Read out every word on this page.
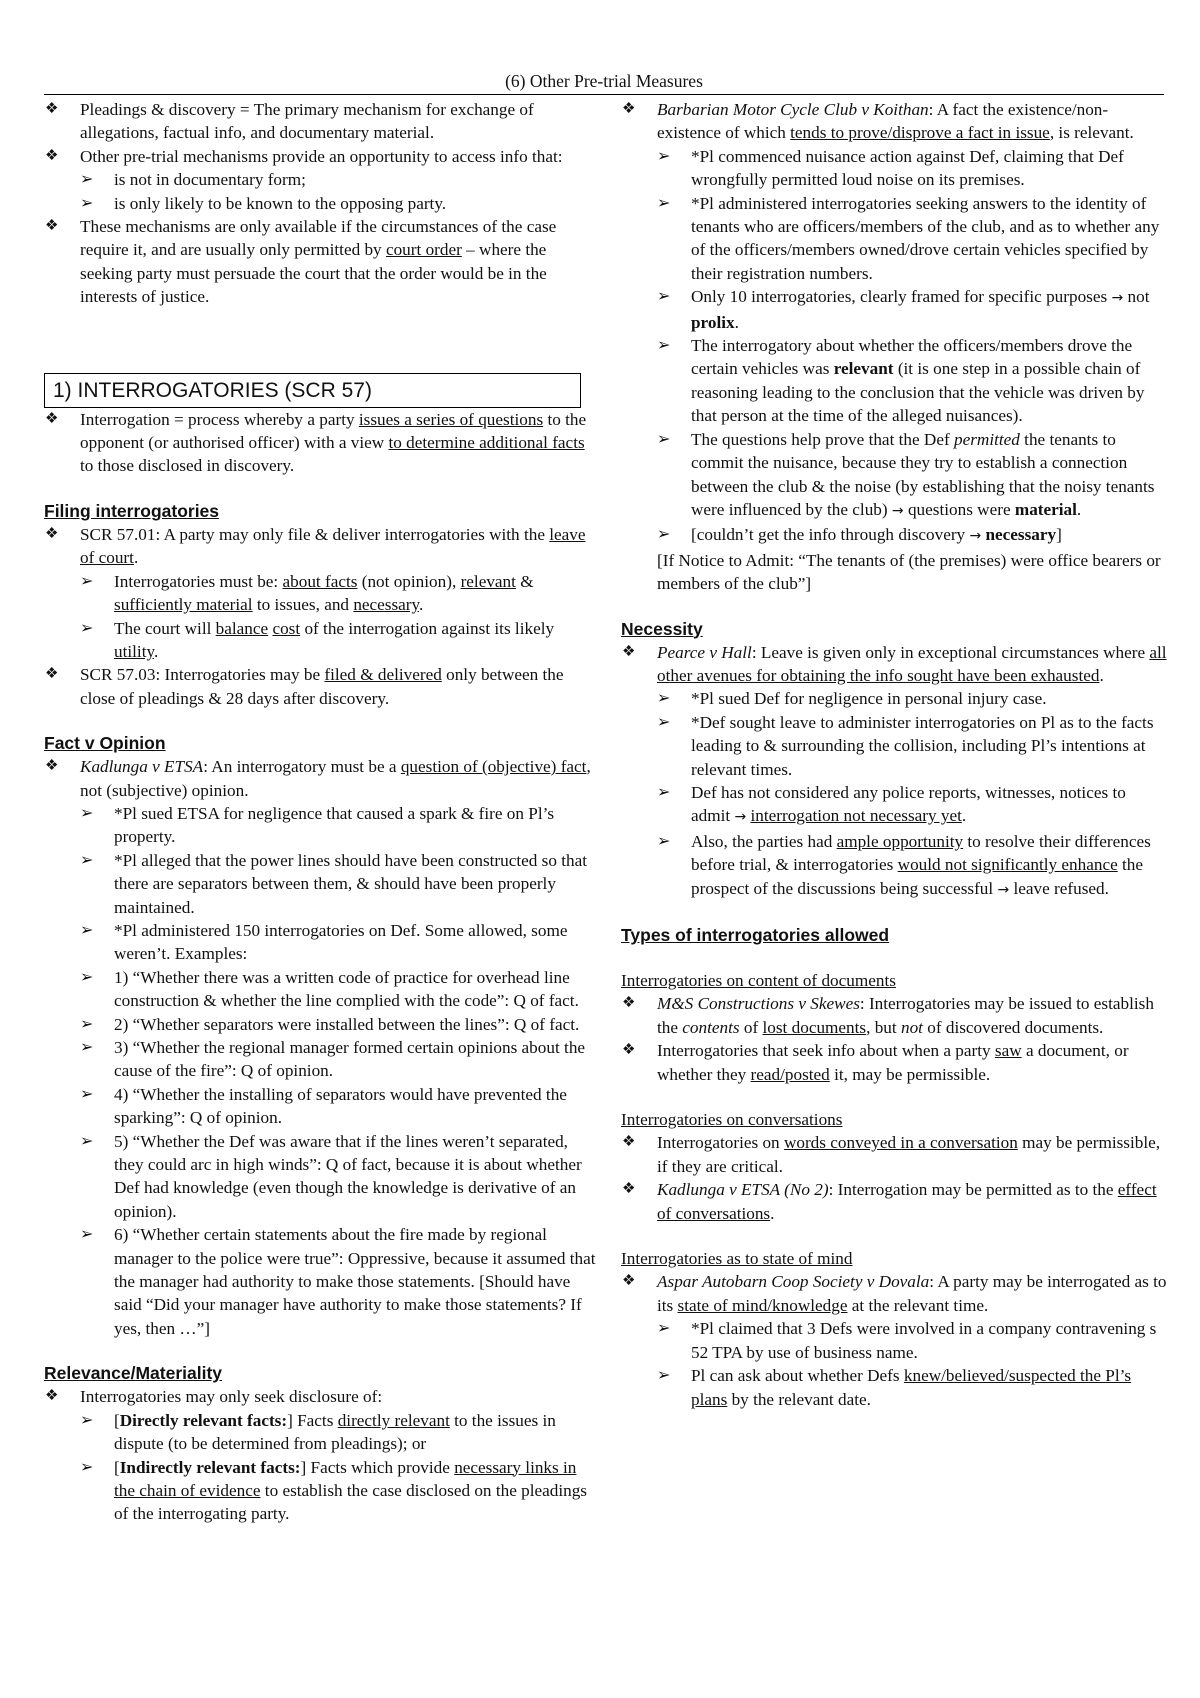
(6) Other Pre-trial Measures
❖ Pleadings & discovery = The primary mechanism for exchange of allegations, factual info, and documentary material.
❖ Other pre-trial mechanisms provide an opportunity to access info that:
➢ is not in documentary form;
➢ is only likely to be known to the opposing party.
❖ These mechanisms are only available if the circumstances of the case require it, and are usually only permitted by court order – where the seeking party must persuade the court that the order would be in the interests of justice.
1) INTERROGATORIES (SCR 57)
❖ Interrogation = process whereby a party issues a series of questions to the opponent (or authorised officer) with a view to determine additional facts to those disclosed in discovery.
Filing interrogatories
❖ SCR 57.01: A party may only file & deliver interrogatories with the leave of court.
➢ Interrogatories must be: about facts (not opinion), relevant & sufficiently material to issues, and necessary.
➢ The court will balance cost of the interrogation against its likely utility.
❖ SCR 57.03: Interrogatories may be filed & delivered only between the close of pleadings & 28 days after discovery.
Fact v Opinion
❖ Kadlunga v ETSA: An interrogatory must be a question of (objective) fact, not (subjective) opinion.
➢ *Pl sued ETSA for negligence that caused a spark & fire on Pl’s property.
➢ *Pl alleged that the power lines should have been constructed so that there are separators between them, & should have been properly maintained.
➢ *Pl administered 150 interrogatories on Def. Some allowed, some weren’t. Examples:
➢ 1) “Whether there was a written code of practice for overhead line construction & whether the line complied with the code”: Q of fact.
➢ 2) “Whether separators were installed between the lines”: Q of fact.
➢ 3) “Whether the regional manager formed certain opinions about the cause of the fire”: Q of opinion.
➢ 4) “Whether the installing of separators would have prevented the sparking”: Q of opinion.
➢ 5) “Whether the Def was aware that if the lines weren’t separated, they could arc in high winds”: Q of fact, because it is about whether Def had knowledge (even though the knowledge is derivative of an opinion).
➢ 6) “Whether certain statements about the fire made by regional manager to the police were true”: Oppressive, because it assumed that the manager had authority to make those statements. [Should have said “Did your manager have authority to make those statements? If yes, then …”]
Relevance/Materiality
❖ Interrogatories may only seek disclosure of:
➢ [Directly relevant facts:] Facts directly relevant to the issues in dispute (to be determined from pleadings); or
➢ [Indirectly relevant facts:] Facts which provide necessary links in the chain of evidence to establish the case disclosed on the pleadings of the interrogating party.
❖ Barbarian Motor Cycle Club v Koithan: A fact the existence/non-existence of which tends to prove/disprove a fact in issue, is relevant.
➢ *Pl commenced nuisance action against Def, claiming that Def wrongfully permitted loud noise on its premises.
➢ *Pl administered interrogatories seeking answers to the identity of tenants who are officers/members of the club, and as to whether any of the officers/members owned/drove certain vehicles specified by their registration numbers.
➢ Only 10 interrogatories, clearly framed for specific purposes → not prolix.
➢ The interrogatory about whether the officers/members drove the certain vehicles was relevant (it is one step in a possible chain of reasoning leading to the conclusion that the vehicle was driven by that person at the time of the alleged nuisances).
➢ The questions help prove that the Def permitted the tenants to commit the nuisance, because they try to establish a connection between the club & the noise (by establishing that the noisy tenants were influenced by the club) → questions were material.
➢ [couldn’t get the info through discovery → necessary]
[If Notice to Admit: “The tenants of (the premises) were office bearers or members of the club”]
Necessity
❖ Pearce v Hall: Leave is given only in exceptional circumstances where all other avenues for obtaining the info sought have been exhausted.
➢ *Pl sued Def for negligence in personal injury case.
➢ *Def sought leave to administer interrogatories on Pl as to the facts leading to & surrounding the collision, including Pl’s intentions at relevant times.
➢ Def has not considered any police reports, witnesses, notices to admit → interrogation not necessary yet.
➢ Also, the parties had ample opportunity to resolve their differences before trial, & interrogatories would not significantly enhance the prospect of the discussions being successful → leave refused.
Types of interrogatories allowed
Interrogatories on content of documents
❖ M&S Constructions v Skewes: Interrogatories may be issued to establish the contents of lost documents, but not of discovered documents.
❖ Interrogatories that seek info about when a party saw a document, or whether they read/posted it, may be permissible.
Interrogatories on conversations
❖ Interrogatories on words conveyed in a conversation may be permissible, if they are critical.
❖ Kadlunga v ETSA (No 2): Interrogation may be permitted as to the effect of conversations.
Interrogatories as to state of mind
❖ Aspar Autobarn Coop Society v Dovala: A party may be interrogated as to its state of mind/knowledge at the relevant time.
➢ *Pl claimed that 3 Defs were involved in a company contravening s 52 TPA by use of business name.
➢ Pl can ask about whether Defs knew/believed/suspected the Pl’s plans by the relevant date.
